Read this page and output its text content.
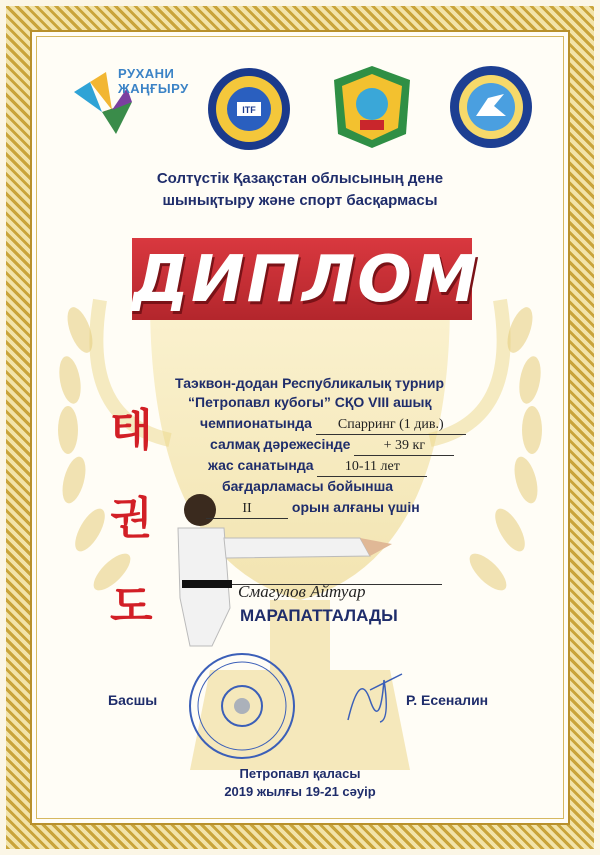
РУХАНИ
ЖАҢҒЫРУ
ITF
Солтүстік Қазақстан облысының дене
шынықтыру және спорт басқармасы
ДИПЛОМ
태
권
도
Таэквон-додан Республикалық турнир
“Петропавл кубогы” СҚО VIII ашық
чемпионатында Спарринг (1 див.)
салмақ дәрежесінде + 39 кг
жас санатында 10-11 лет
бағдарламасы бойынша
II	орын алғаны үшін
Смагулов Айтуар
МАРАПАТТАЛАДЫ
Басшы	Р. Есеналин
Петропавл қаласы
2019 жылғы 19-21 сәуір
